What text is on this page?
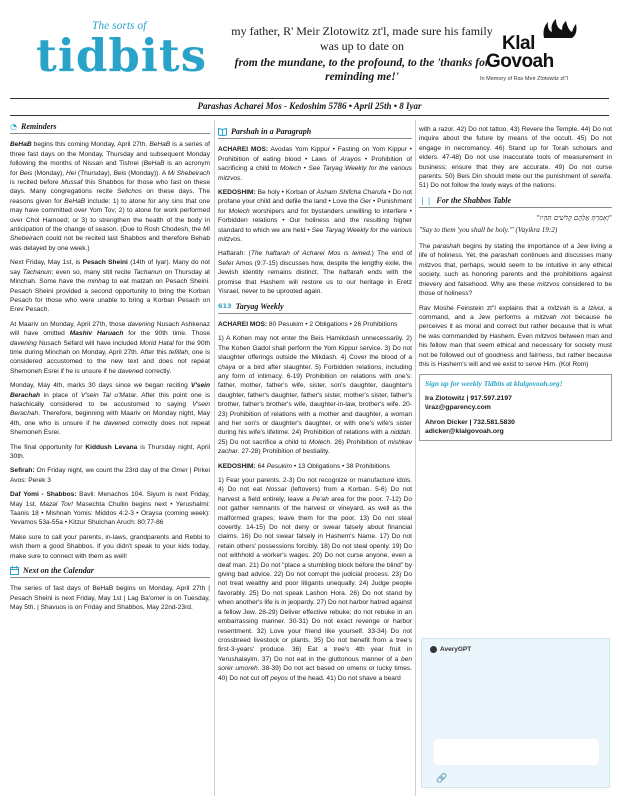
The sorts of
tidbits	my father, R' Meir Zlotowitz zt'l, made sure his family was up to date on
from the mundane, to the profound, to the 'thanks for reminding me!'
Klal
Govoah
In Memory of Rav Meir Zlotowitz zt"l
Parashas Acharei Mos - Kedoshim 5786 • April 25th • 8 Iyar
◔ Reminders

BeHaB begins this coming Monday, April 27th. BeHaB is a series of three fast days on the Monday, Thursday and subsequent Monday following the months of Nissan and Tishrei (BeHaB is an acronym for Beis (Monday), Hei (Thursday), Beis (Monday)). A Mi Shebeirach is recited before Mussaf this Shabbos for those who fast on these days. Many congregations recite Selichos on these days. The reasons given for BeHaB include: 1) to atone for any sins that one may have committed over Yom Tov; 2) to atone for work performed over Chol Hamoed; or 3) to strengthen the health of the body in anticipation of the change of season. (Due to Rosh Chodesh, the Mi Shebeirach could not be recited last Shabbos and therefore Behab was delayed by one week.)

Next Friday, May 1st, is Pesach Sheini (14th of Iyar). Many do not say Tachanun; even so, many still recite Tachanun on Thursday at Minchah. Some have the minhag to eat matzah on Pesach Sheini. Pesach Sheini provided a second opportunity to bring the Korban Pesach for those who were unable to bring a Korban Pesach on Erev Pesach.

At Maariv on Monday, April 27th, those davening Nusach Ashkenaz will have omitted Mashiv Haruach for the 90th time. Those davening Nusach Sefard will have included Morid Hatal for the 90th time during Minchah on Monday, April 27th. After this tefillah, one is considered accustomed to the new text and does not repeat Shemoneh Esrei if he is unsure if he davened correctly.

Monday, May 4th, marks 30 days since we began reciting V'sein Berachah in place of V'sein Tal u'Matar. After this point one is halachically considered to be accustomed to saying V'sein Berachah. Therefore, beginning with Maariv on Monday night, May 4th, one who is unsure if he davened correctly does not repeat Shemoneh Esrei.

The final opportunity for Kiddush Levana is Thursday night, April 30th.

Sefirah: On Friday night, we count the 23rd day of the Omer | Pirkei Avos: Perek 3

Daf Yomi - Shabbos: Bavli: Menachos 104. Siyum is next Friday, May 1st, Mazal Tov! Masechta Chullin begins next • Yerushalmi: Taanis 18 • Mishnah Yomis: Middos 4:2-3 • Oraysa (coming week): Yevamos 53a-55a • Kitzur Shulchan Aruch: 80:77-86

Make sure to call your parents, in-laws, grandparents and Rebbi to wish them a good Shabbos. If you didn't speak to your kids today, make sure to connect with them as well!

Next on the Calendar

The series of fast days of BeHaB begins on Monday, April 27th | Pesach Sheini is next Friday, May 1st | Lag Ba'omer is on Tuesday, May 5th. | Shavuos is on Friday and Shabbos, May 22nd-23rd.

Parshah in a Paragraph

ACHAREI MOS: Avodas Yom Kippur • Fasting on Yom Kippur • Prohibition of eating blood • Laws of Arayos • Prohibition of sacrificing a child to Molech • See Taryag Weekly for the various mitzvos.

KEDOSHIM: Be holy • Korban of Asham Shifcha Charufa • Do not profane your child and defile the land • Love the Ger • Punishment for Molech worshipers and for bystanders unwilling to interfere • Forbidden relations • Our holiness and the resulting higher standard to which we are held • See Taryag Weekly for the various mitzvos.

Haftarah: (The haftarah of Acharei Mos is leined.) The end of Sefer Amos (9:7-15) discusses how, despite the lengthy exile, the Jewish identity remains distinct. The haftarah ends with the promise that Hashem will restore us to our heritage in Eretz Yisrael, never to be uprooted again.

613 Taryag Weekly

ACHAREI MOS: 80 Pesukim • 2 Obligations • 26 Prohibitions

1) A Kohen may not enter the Beis Hamikdash unnecessarily. 2) The Kohen Gadol shall perform the Yom Kippur service. 3) Do not slaughter offerings outside the Mikdash. 4) Cover the blood of a chaya or a bird after slaughter. 5) Forbidden relations, including any form of intimacy. 6-19) Prohibition on relations with one's: father, mother, father's wife, sister, son's daughter, daughter's daughter, father's daughter, father's sister, mother's sister, father's brother, father's brother's wife, daughter-in-law, brother's wife. 20-23) Prohibition of relations with a mother and daughter, a woman and her son's or daughter's daughter, or with one's wife's sister during his wife's lifetime. 24) Prohibition of relations with a niddah. 25) Do not sacrifice a child to Molech. 26) Prohibition of mishkav zachar. 27-28) Prohibition of bestiality.

KEDOSHIM: 64 Pesukim • 13 Obligations • 38 Prohibitions

1) Fear your parents. 2-3) Do not recognize or manufacture idols. 4) Do not eat Nossar (leftovers) from a Korban. 5-6) Do not harvest a field entirely, leave a Pe'ah area for the poor. 7-12) Do not gather remnants of the harvest or vineyard, as well as the malformed grapes; leave them for the poor. 13) Do not steal covertly. 14-15) Do not deny or swear falsely about financial claims. 16) Do not swear falsely in Hashem's Name. 17) Do not retain others' possessions forcibly. 18) Do not steal openly. 19) Do not withhold a worker's wages. 20) Do not curse anyone, even a deaf man. 21) Do not "place a stumbling block before the blind" by giving bad advice. 22) Do not corrupt the judicial process. 23) Do not treat wealthy and poor litigants unequally. 24) Judge people favorably. 25) Do not speak Lashon Hora. 26) Do not stand by when another's life is in jeopardy. 27) Do not harbor hatred against a fellow Jew. 28-29) Deliver effective rebuke; do not rebuke in an embarrassing manner. 30-31) Do not exact revenge or harbor resentment. 32) Love your friend like yourself. 33-34) Do not crossbreed livestock or plants. 35) Do not benefit from a tree's first-3-years' produce. 36) Eat a tree's 4th year fruit in Yerushalayim. 37) Do not eat in the gluttonous manner of a ben sorer umoreh. 38-39) Do not act based on omens or lucky times. 40) Do not cut off peyos of the head. 41) Do not shave a beard

with a razor. 42) Do not tattoo. 43) Revere the Temple. 44) Do not inquire about the future by means of the occult. 45) Do not engage in necromancy. 46) Stand up for Torah scholars and elders. 47-48) Do not use inaccurate tools of measurement in business; ensure that they are accurate. 49) Do not curse parents. 50) Beis Din should mete out the punishment of sereifa. 51) Do not follow the lowly ways of the nations.

❘❘ For the Shabbos Table
"וְאָמַרְתָּ אֲלֵהֶם קְדֹשִׁים תִּהְיוּ"
"Say to them 'you shall be holy.'" (Vayikra 19:2)

The parashah begins by stating the importance of a Jew living a life of holiness. Yet, the parashah continues and discusses many mitzvos that, perhaps, would seem to be intuitive in any ethical society, such as honoring parents and the prohibitions against thievery and falsehood. Why are these mitzvos considered to be those of holiness?

Rav Moshe Feinstein zt"l explains that a mitzvah is a tzivui, a command, and a Jew performs a mitzvah not because he perceives it as moral and correct but rather because that is what he was commanded by Hashem. Even mitzvos between man and his fellow man that seem ethical and necessary for society must not be followed out of goodness and fairness, but rather because this is Hashem's will and we exist to serve Him. (Kol Rom)

Sign up for weekly Tidbits at klalgovoah.org!
Ira Zlotowitz | 917.597.2197
\iraz@gparency.com
Ahron Dicker | 732.581.5830
adicker@klalgovoah.org
AveryGPT
🔗
